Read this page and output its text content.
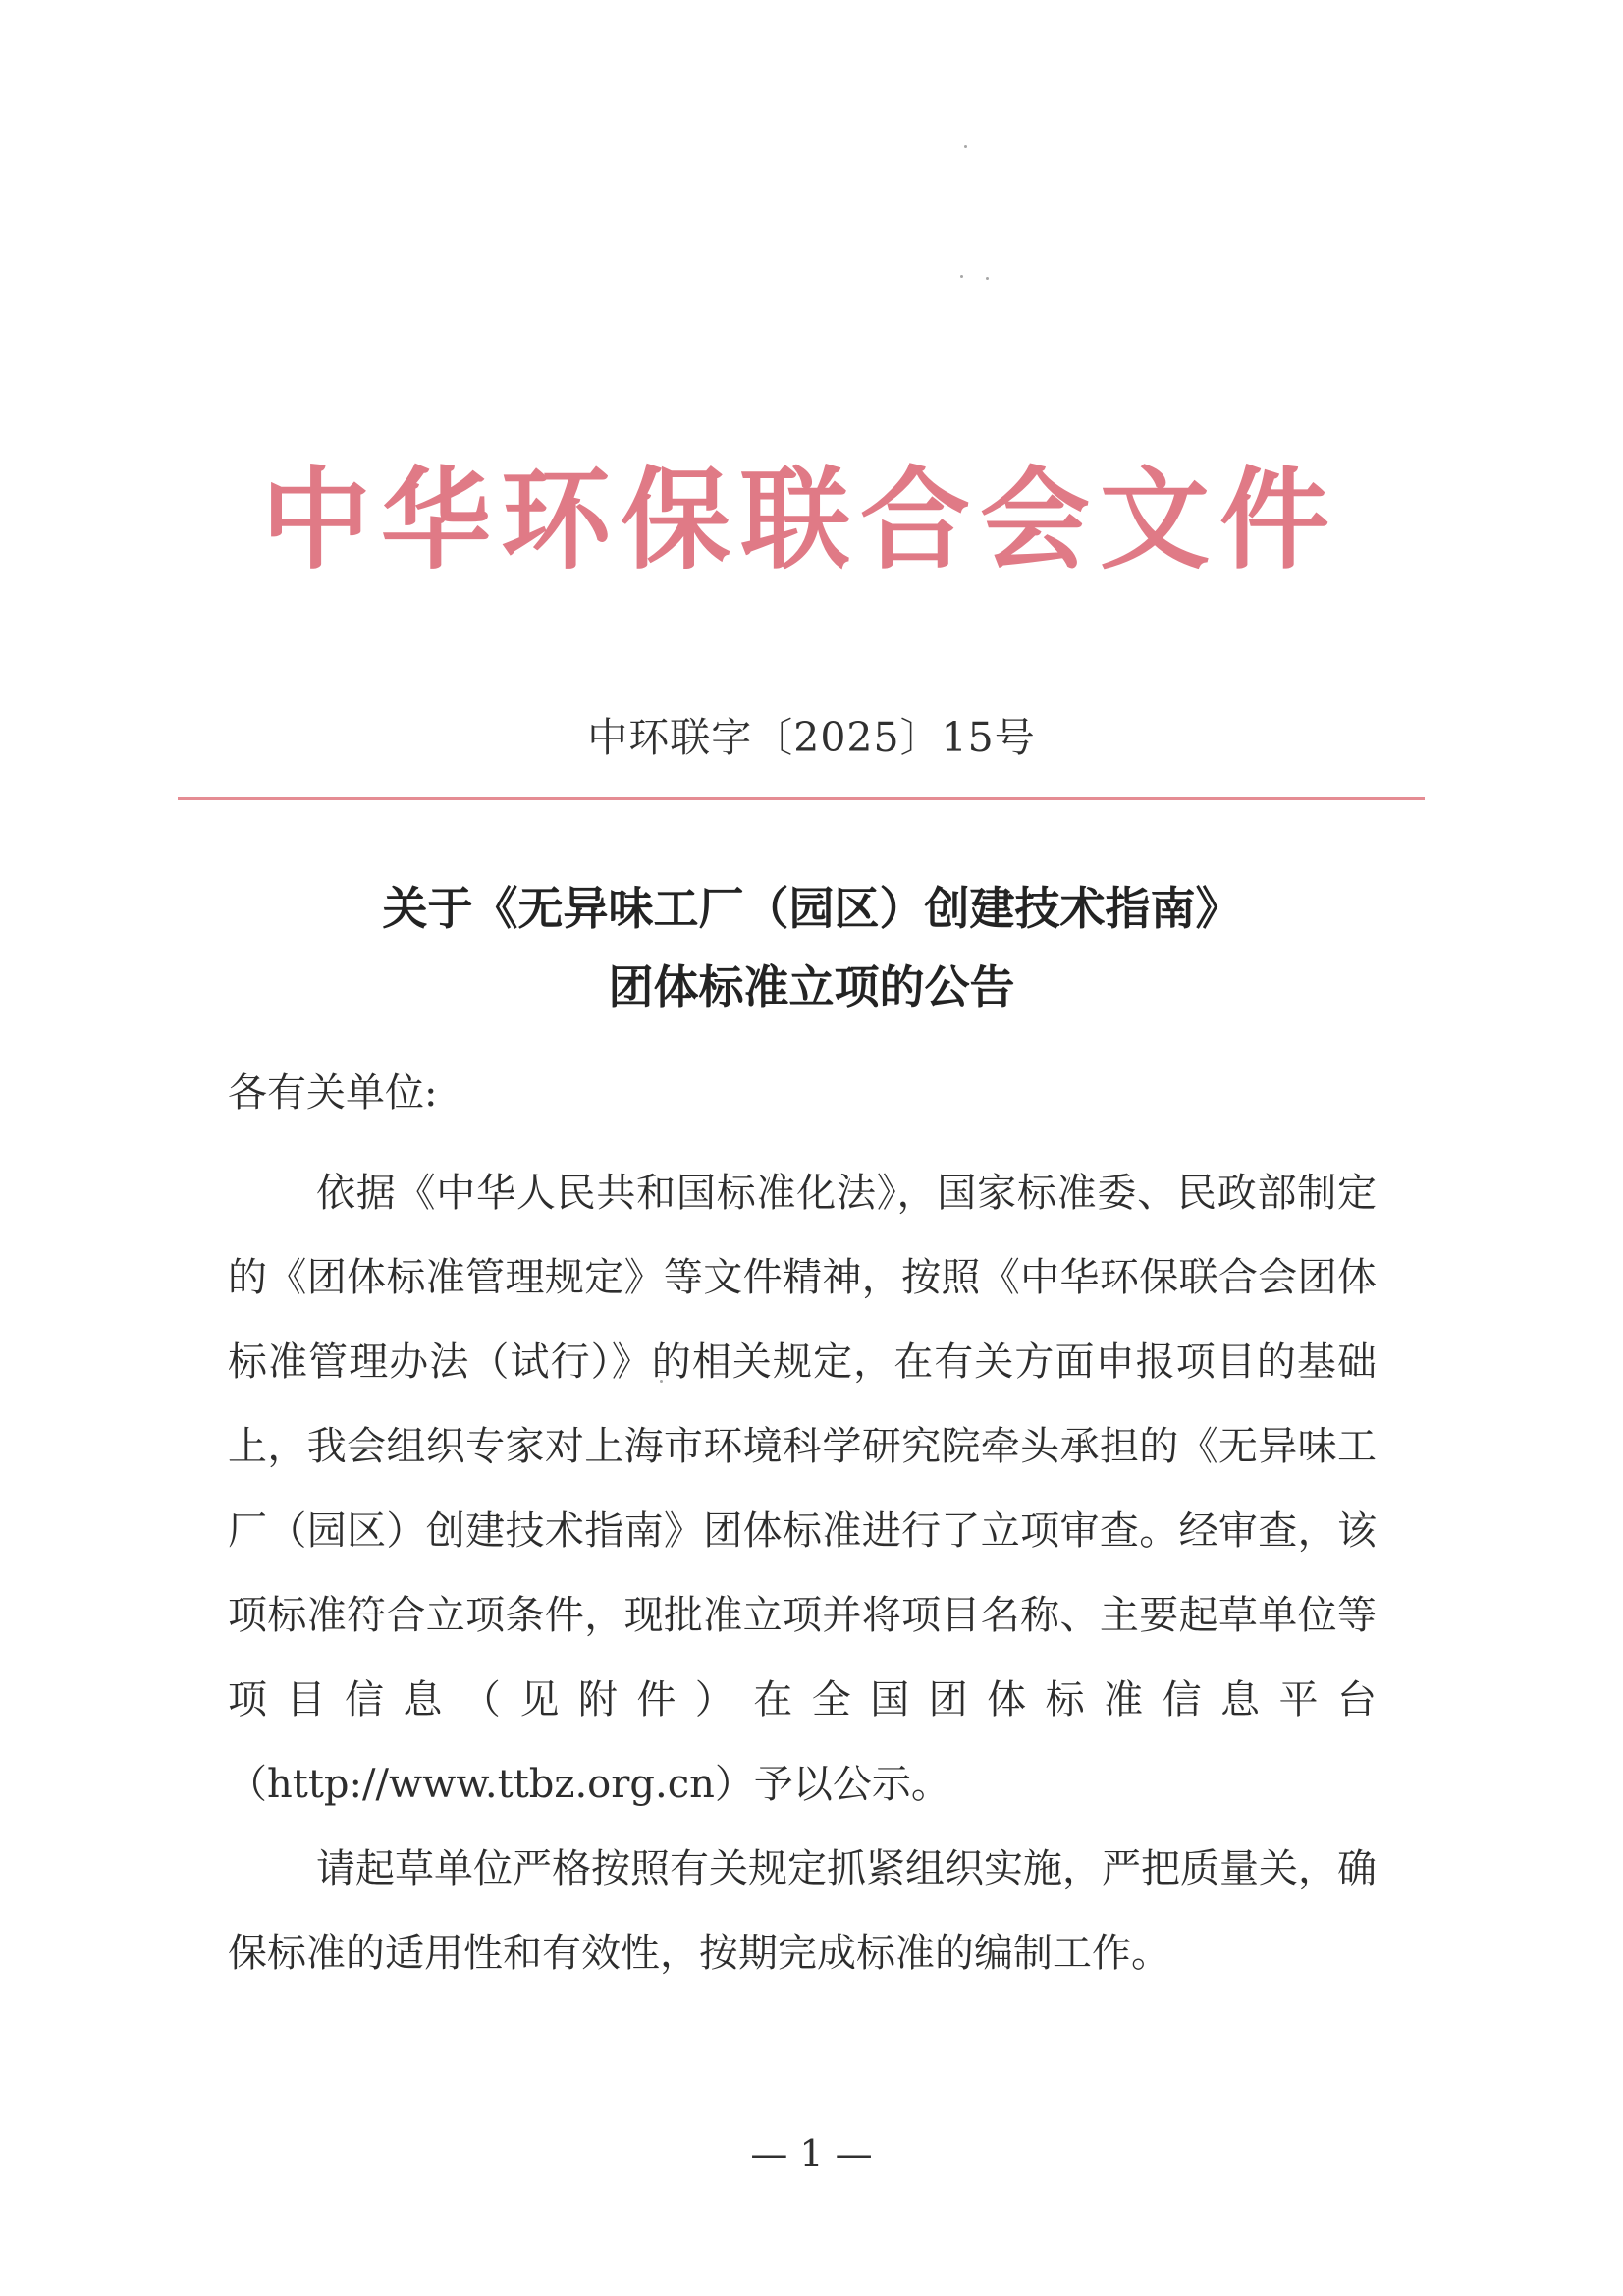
中华环保联合会文件
中环联字〔2025〕15号
关于《无异味工厂（园区）创建技术指南》
团体标准立项的公告
各有关单位:

依据《中华人民共和国标准化法》，国家标准委、民政部制定的《团体标准管理规定》等文件精神，按照《中华环保联合会团体标准管理办法（试行）》的相关规定，在有关方面申报项目的基础上，我会组织专家对上海市环境科学研究院牵头承担的《无异味工厂（园区）创建技术指南》团体标准进行了立项审查。经审查，该项标准符合立项条件，现批准立项并将项目名称、主要起草单位等项目信息（见附件）在全国团体标准信息平台（http://www.ttbz.org.cn）予以公示。

请起草单位严格按照有关规定抓紧组织实施，严把质量关，确保标准的适用性和有效性，按期完成标准的编制工作。

— 1 —
